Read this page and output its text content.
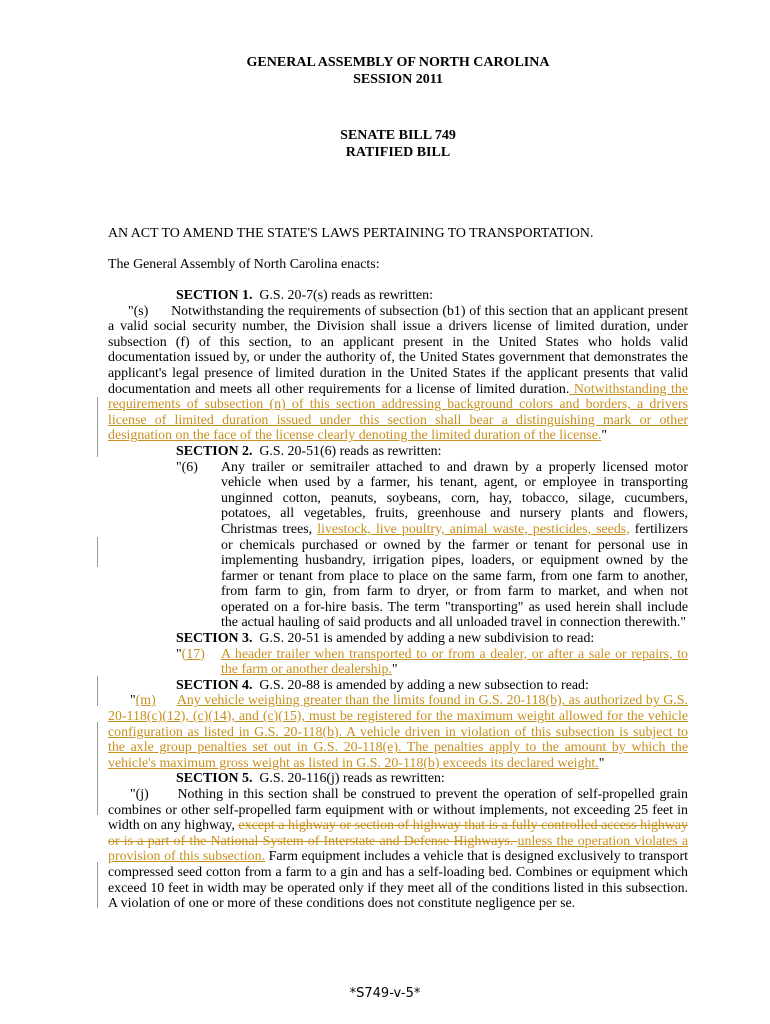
GENERAL ASSEMBLY OF NORTH CAROLINA
SESSION 2011
SENATE BILL 749
RATIFIED BILL

AN ACT TO AMEND THE STATE'S LAWS PERTAINING TO TRANSPORTATION.

The General Assembly of North Carolina enacts:

SECTION 1. G.S. 20-7(s) reads as rewritten:

"(s) Notwithstanding the requirements of subsection (b1) of this section that an applicant present a valid social security number, the Division shall issue a drivers license of limited duration, under subsection (f) of this section, to an applicant present in the United States who holds valid documentation issued by, or under the authority of, the United States government that demonstrates the applicant's legal presence of limited duration in the United States if the applicant presents that valid documentation and meets all other requirements for a license of limited duration. Notwithstanding the requirements of subsection (n) of this section addressing background colors and borders, a drivers license of limited duration issued under this section shall bear a distinguishing mark or other designation on the face of the license clearly denoting the limited duration of the license."

SECTION 2. G.S. 20-51(6) reads as rewritten:

"(6) Any trailer or semitrailer attached to and drawn by a properly licensed motor vehicle when used by a farmer, his tenant, agent, or employee in transporting unginned cotton, peanuts, soybeans, corn, hay, tobacco, silage, cucumbers, potatoes, all vegetables, fruits, greenhouse and nursery plants and flowers, Christmas trees, livestock, live poultry, animal waste, pesticides, seeds, fertilizers or chemicals purchased or owned by the farmer or tenant for personal use in implementing husbandry, irrigation pipes, loaders, or equipment owned by the farmer or tenant from place to place on the same farm, from one farm to another, from farm to gin, from farm to dryer, or from farm to market, and when not operated on a for-hire basis. The term "transporting" as used herein shall include the actual hauling of said products and all unloaded travel in connection therewith."

SECTION 3. G.S. 20-51 is amended by adding a new subdivision to read:

"(17) A header trailer when transported to or from a dealer, or after a sale or repairs, to the farm or another dealership."

SECTION 4. G.S. 20-88 is amended by adding a new subsection to read:

"(m) Any vehicle weighing greater than the limits found in G.S. 20-118(b), as authorized by G.S. 20-118(c)(12), (c)(14), and (c)(15), must be registered for the maximum weight allowed for the vehicle configuration as listed in G.S. 20-118(b). A vehicle driven in violation of this subsection is subject to the axle group penalties set out in G.S. 20-118(e). The penalties apply to the amount by which the vehicle's maximum gross weight as listed in G.S. 20-118(b) exceeds its declared weight."

SECTION 5. G.S. 20-116(j) reads as rewritten:

"(j) Nothing in this section shall be construed to prevent the operation of self-propelled grain combines or other self-propelled farm equipment with or without implements, not exceeding 25 feet in width on any highway, except a highway or section of highway that is a fully controlled access highway or is a part of the National System of Interstate and Defense Highways. unless the operation violates a provision of this subsection. Farm equipment includes a vehicle that is designed exclusively to transport compressed seed cotton from a farm to a gin and has a self-loading bed. Combines or equipment which exceed 10 feet in width may be operated only if they meet all of the conditions listed in this subsection. A violation of one or more of these conditions does not constitute negligence per se.

*S749-v-5*
